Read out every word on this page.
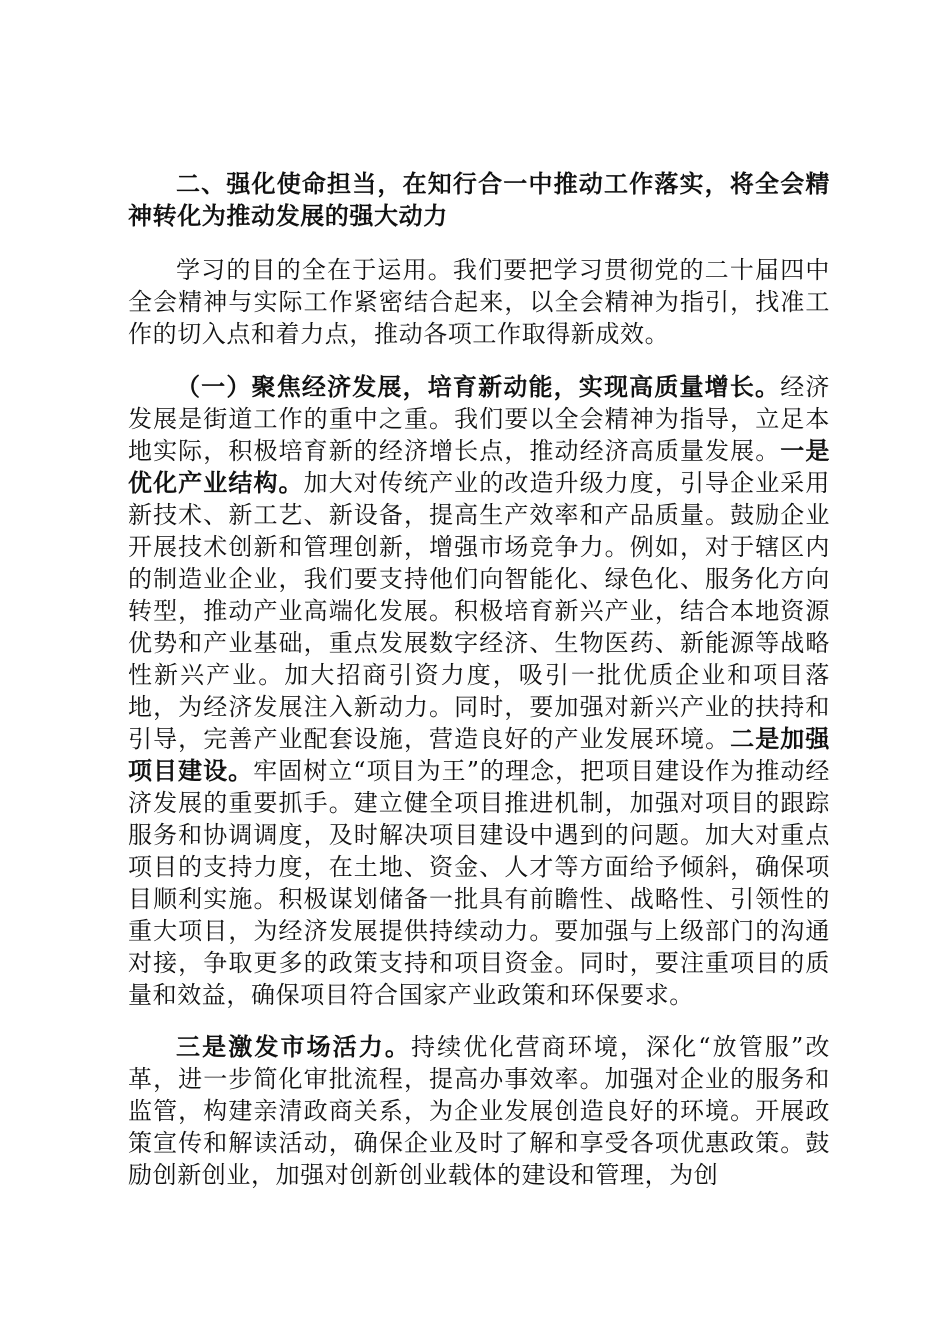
二、强化使命担当，在知行合一中推动工作落实，将全会精神转化为推动发展的强大动力

学习的目的全在于运用。我们要把学习贯彻党的二十届四中全会精神与实际工作紧密结合起来，以全会精神为指引，找准工作的切入点和着力点，推动各项工作取得新成效。

（一）聚焦经济发展，培育新动能，实现高质量增长。经济发展是街道工作的重中之重。我们要以全会精神为指导，立足本地实际，积极培育新的经济增长点，推动经济高质量发展。一是优化产业结构。加大对传统产业的改造升级力度，引导企业采用新技术、新工艺、新设备，提高生产效率和产品质量。鼓励企业开展技术创新和管理创新，增强市场竞争力。例如，对于辖区内的制造业企业，我们要支持他们向智能化、绿色化、服务化方向转型，推动产业高端化发展。积极培育新兴产业，结合本地资源优势和产业基础，重点发展数字经济、生物医药、新能源等战略性新兴产业。加大招商引资力度，吸引一批优质企业和项目落地，为经济发展注入新动力。同时，要加强对新兴产业的扶持和引导，完善产业配套设施，营造良好的产业发展环境。二是加强项目建设。牢固树立“项目为王”的理念，把项目建设作为推动经济发展的重要抓手。建立健全项目推进机制，加强对项目的跟踪服务和协调调度，及时解决项目建设中遇到的问题。加大对重点项目的支持力度，在土地、资金、人才等方面给予倾斜，确保项目顺利实施。积极谋划储备一批具有前瞻性、战略性、引领性的重大项目，为经济发展提供持续动力。要加强与上级部门的沟通对接，争取更多的政策支持和项目资金。同时，要注重项目的质量和效益，确保项目符合国家产业政策和环保要求。

三是激发市场活力。持续优化营商环境，深化“放管服”改革，进一步简化审批流程，提高办事效率。加强对企业的服务和监管，构建亲清政商关系，为企业发展创造良好的环境。开展政策宣传和解读活动，确保企业及时了解和享受各项优惠政策。鼓励创新创业，加强对创新创业载体的建设和管理，为创
